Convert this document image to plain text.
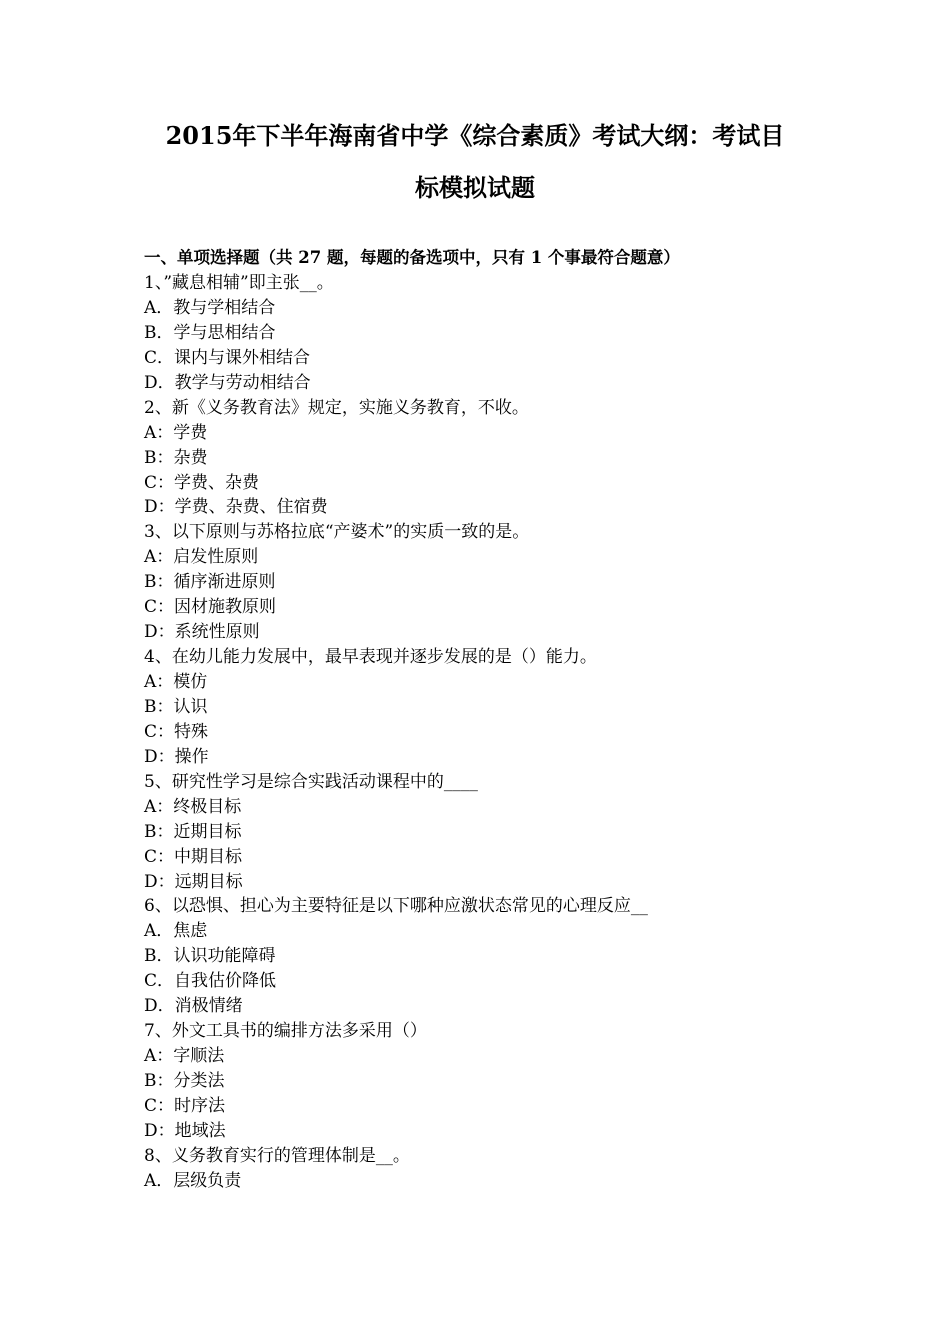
2015年下半年海南省中学《综合素质》考试大纲：考试目
标模拟试题
一、单项选择题（共 27 题，每题的备选项中，只有 1 个事最符合题意）
1、”藏息相辅”即主张__。
A．教与学相结合
B．学与思相结合
C．课内与课外相结合
D．教学与劳动相结合
2、新《义务教育法》规定，实施义务教育，不收。
A：学费
B：杂费
C：学费、杂费
D：学费、杂费、住宿费
3、以下原则与苏格拉底“产婆术”的实质一致的是。
A：启发性原则
B：循序渐进原则
C：因材施教原则
D：系统性原则
4、在幼儿能力发展中，最早表现并逐步发展的是（）能力。
A：模仿
B：认识
C：特殊
D：操作
5、研究性学习是综合实践活动课程中的____
A：终极目标
B：近期目标
C：中期目标
D：远期目标
6、以恐惧、担心为主要特征是以下哪种应激状态常见的心理反应__
A．焦虑
B．认识功能障碍
C．自我估价降低
D．消极情绪
7、外文工具书的编排方法多采用（）
A：字顺法
B：分类法
C：时序法
D：地域法
8、义务教育实行的管理体制是__。
A．层级负责
